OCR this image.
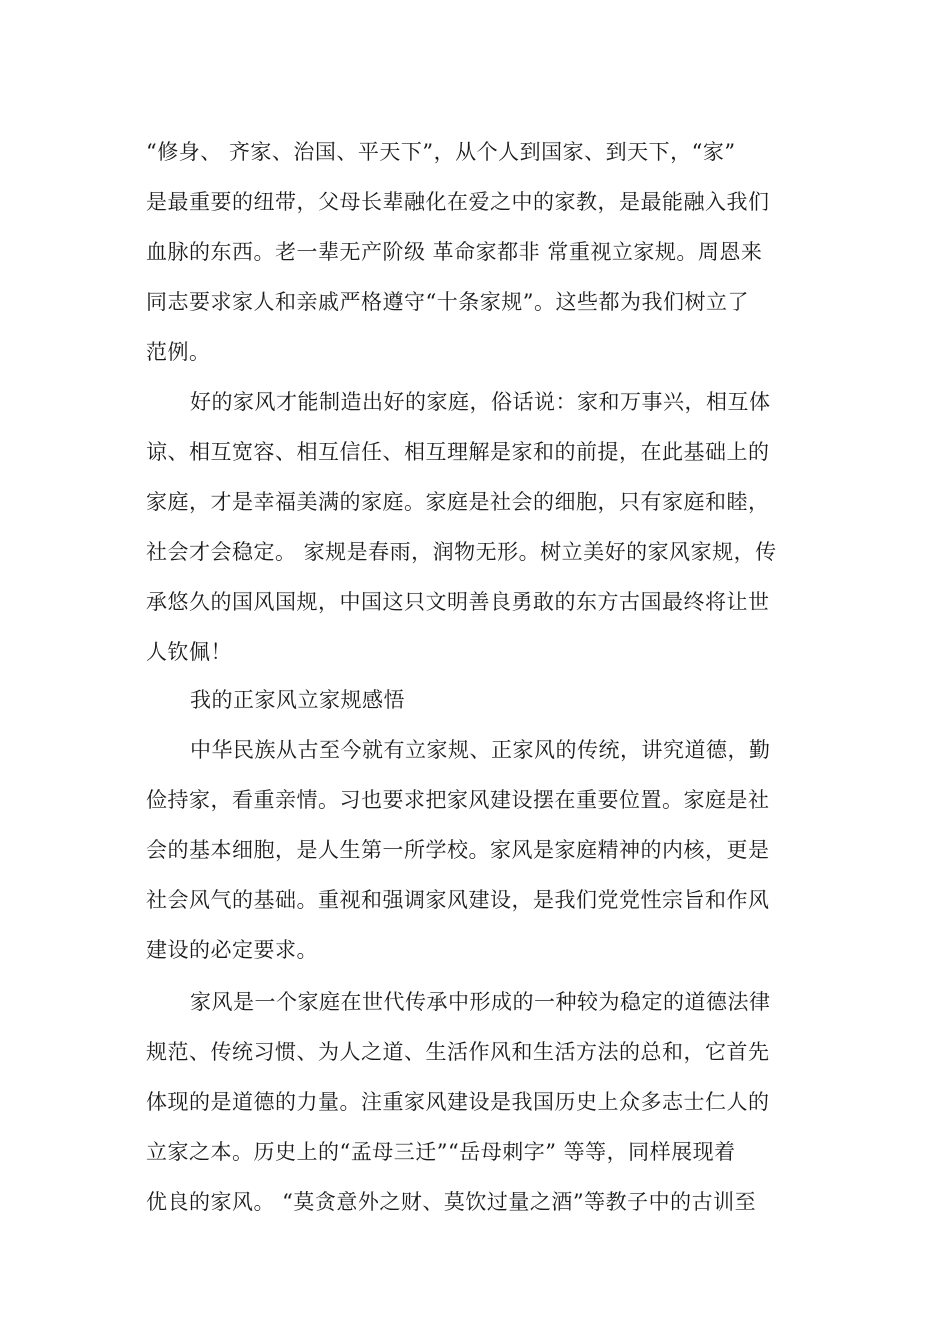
“修身、 齐家、治国、平天下”，从个人到国家、到天下，“家”
是最重要的纽带，父母长辈融化在爱之中的家教，是最能融入我们
血脉的东西。老一辈无产阶级 革命家都非 常重视立家规。周恩来
同志要求家人和亲戚严格遵守“十条家规”。这些都为我们树立了
范例。
好的家风才能制造出好的家庭，俗话说：家和万事兴，相互体
谅、相互宽容、相互信任、相互理解是家和的前提，在此基础上的
家庭，才是幸福美满的家庭。家庭是社会的细胞，只有家庭和睦，
社会才会稳定。 家规是春雨，润物无形。树立美好的家风家规，传
承悠久的国风国规，中国这只文明善良勇敢的东方古国最终将让世
人钦佩！
我的正家风立家规感悟
中华民族从古至今就有立家规、正家风的传统，讲究道德，勤
俭持家，看重亲情。习也要求把家风建设摆在重要位置。家庭是社
会的基本细胞，是人生第一所学校。家风是家庭精神的内核，更是
社会风气的基础。重视和强调家风建设，是我们党党性宗旨和作风
建设的必定要求。
家风是一个家庭在世代传承中形成的一种较为稳定的道德法律
规范、传统习惯、为人之道、生活作风和生活方法的总和，它首先
体现的是道德的力量。注重家风建设是我国历史上众多志士仁人的
立家之本。历史上的“孟母三迁”“岳母刺字” 等等，同样展现着
优良的家风。 “莫贪意外之财、莫饮过量之酒”等教子中的古训至
